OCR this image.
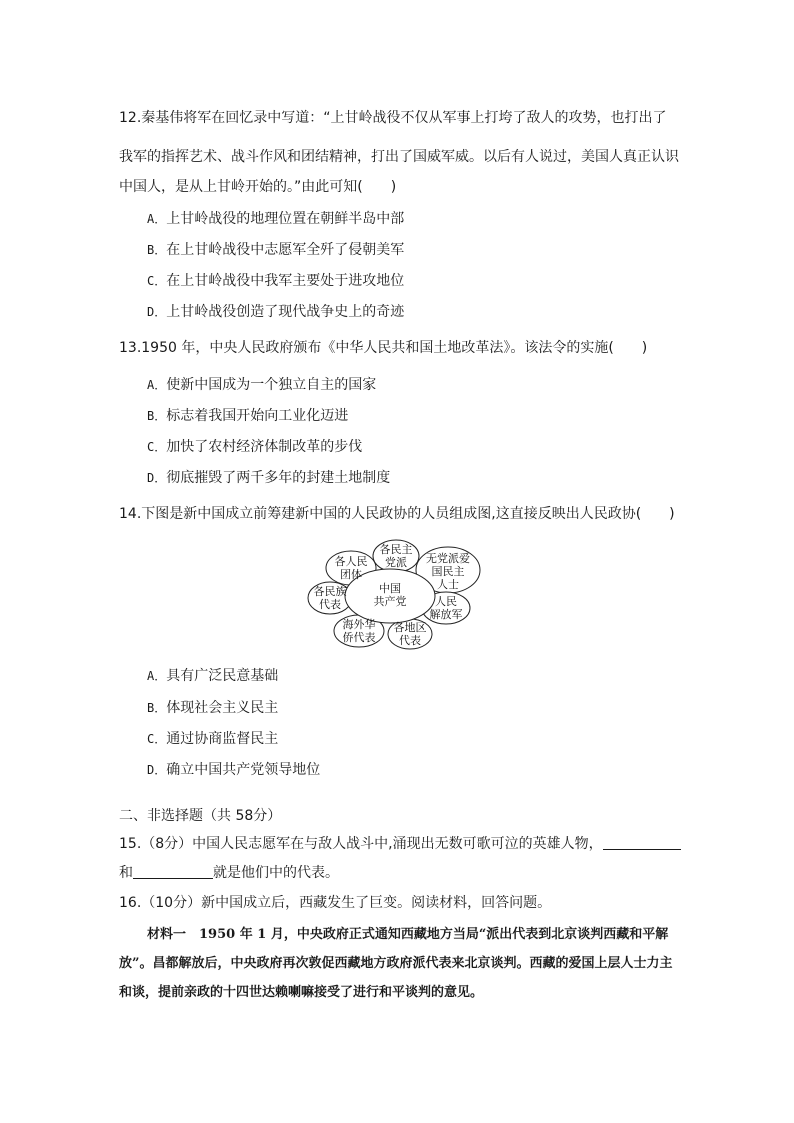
12.秦基伟将军在回忆录中写道：“上甘岭战役不仅从军事上打垮了敌人的攻势，也打出了
我军的指挥艺术、战斗作风和团结精神，打出了国威军威。以后有人说过，美国人真正认识
中国人，是从上甘岭开始的。”由此可知(　　)
A．上甘岭战役的地理位置在朝鲜半岛中部
B．在上甘岭战役中志愿军全歼了侵朝美军
C．在上甘岭战役中我军主要处于进攻地位
D．上甘岭战役创造了现代战争史上的奇迹
13.1950 年，中央人民政府颁布《中华人民共和国土地改革法》。该法令的实施(　　)
A．使新中国成为一个独立自主的国家
B．标志着我国开始向工业化迈进
C．加快了农村经济体制改革的步伐
D．彻底摧毁了两千多年的封建土地制度
14.下图是新中国成立前筹建新中国的人民政协的人员组成图,这直接反映出人民政协(　　)
各人民
团体
各民主
党派 无党派爱
国民主
人士
人民
解放军
各地区
代表
海外华
侨代表
各民族
代表
中国
共产党
A．具有广泛民意基础
B．体现社会主义民主
C．通过协商监督民主
D．确立中国共产党领导地位
二、非选择题（共 58分）
15.（8分）中国人民志愿军在与敌人战斗中,涌现出无数可歌可泣的英雄人物，
和	就是他们中的代表。
16.（10分）新中国成立后，西藏发生了巨变。阅读材料，回答问题。
材料一　1950 年 1 月，中央政府正式通知西藏地方当局“派出代表到北京谈判西藏和平解放”。昌都解放后，中央政府再次敦促西藏地方政府派代表来北京谈判。西藏的爱国上层人士力主和谈，提前亲政的十四世达赖喇嘛接受了进行和平谈判的意见。
